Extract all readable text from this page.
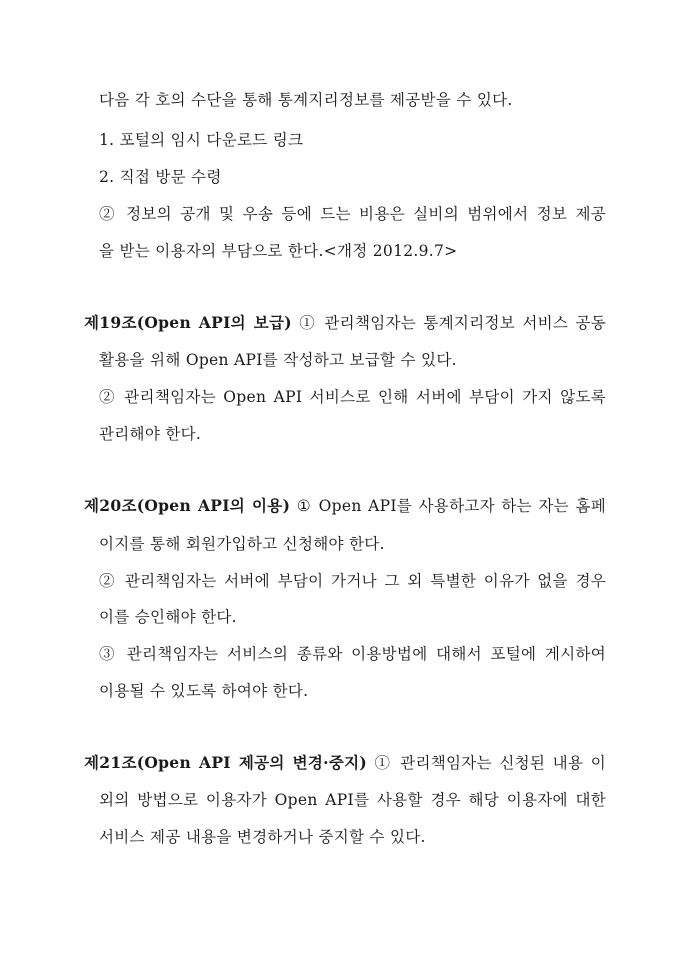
다음 각 호의 수단을 통해 통계지리정보를 제공받을 수 있다.
1. 포털의 임시 다운로드 링크
2. 직접 방문 수령
② 정보의 공개 및 우송 등에 드는 비용은 실비의 범위에서 정보 제공
을 받는 이용자의 부담으로 한다.<개정 2012.9.7>
제19조(Open API의 보급) ① 관리책임자는 통계지리정보 서비스 공동
활용을 위해 Open API를 작성하고 보급할 수 있다.
② 관리책임자는 Open API 서비스로 인해 서버에 부담이 가지 않도록
관리해야 한다.
제20조(Open API의 이용) ① Open API를 사용하고자 하는 자는 홈페
이지를 통해 회원가입하고 신청해야 한다.
② 관리책임자는 서버에 부담이 가거나 그 외 특별한 이유가 없을 경우
이를 승인해야 한다.
③ 관리책임자는 서비스의 종류와 이용방법에 대해서 포털에 게시하여
이용될 수 있도록 하여야 한다.
제21조(Open API 제공의 변경·중지) ① 관리책임자는 신청된 내용 이
외의 방법으로 이용자가 Open API를 사용할 경우 해당 이용자에 대한
서비스 제공 내용을 변경하거나 중지할 수 있다.
